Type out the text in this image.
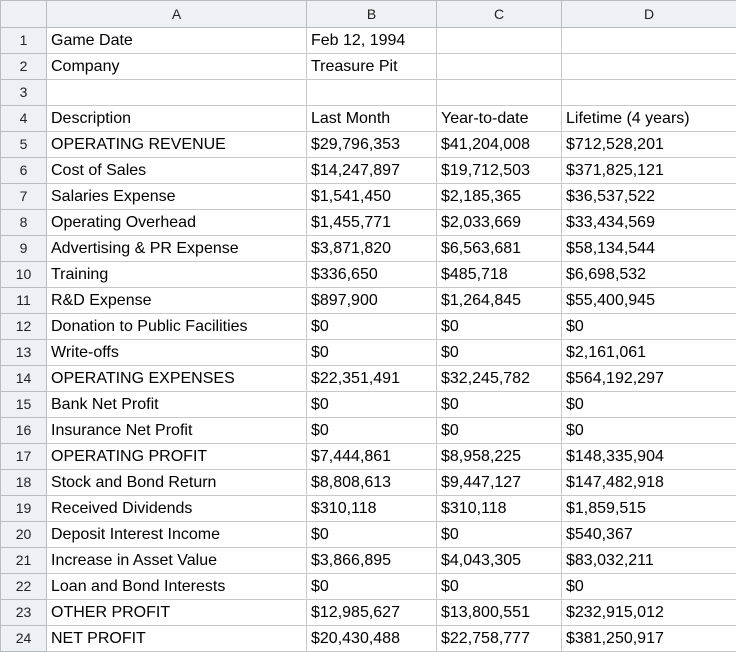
	A	B	C	D
1	Game Date	Feb 12, 1994		
2	Company	Treasure Pit		
3				
4	Description	Last Month	Year-to-date	Lifetime (4 years)
5	OPERATING REVENUE	$29,796,353	$41,204,008	$712,528,201
6	Cost of Sales	$14,247,897	$19,712,503	$371,825,121
7	Salaries Expense	$1,541,450	$2,185,365	$36,537,522
8	Operating Overhead	$1,455,771	$2,033,669	$33,434,569
9	Advertising & PR Expense	$3,871,820	$6,563,681	$58,134,544
10	Training	$336,650	$485,718	$6,698,532
11	R&D Expense	$897,900	$1,264,845	$55,400,945
12	Donation to Public Facilities	$0	$0	$0
13	Write-offs	$0	$0	$2,161,061
14	OPERATING EXPENSES	$22,351,491	$32,245,782	$564,192,297
15	Bank Net Profit	$0	$0	$0
16	Insurance Net Profit	$0	$0	$0
17	OPERATING PROFIT	$7,444,861	$8,958,225	$148,335,904
18	Stock and Bond Return	$8,808,613	$9,447,127	$147,482,918
19	Received Dividends	$310,118	$310,118	$1,859,515
20	Deposit Interest Income	$0	$0	$540,367
21	Increase in Asset Value	$3,866,895	$4,043,305	$83,032,211
22	Loan and Bond Interests	$0	$0	$0
23	OTHER PROFIT	$12,985,627	$13,800,551	$232,915,012
24	NET PROFIT	$20,430,488	$22,758,777	$381,250,917
